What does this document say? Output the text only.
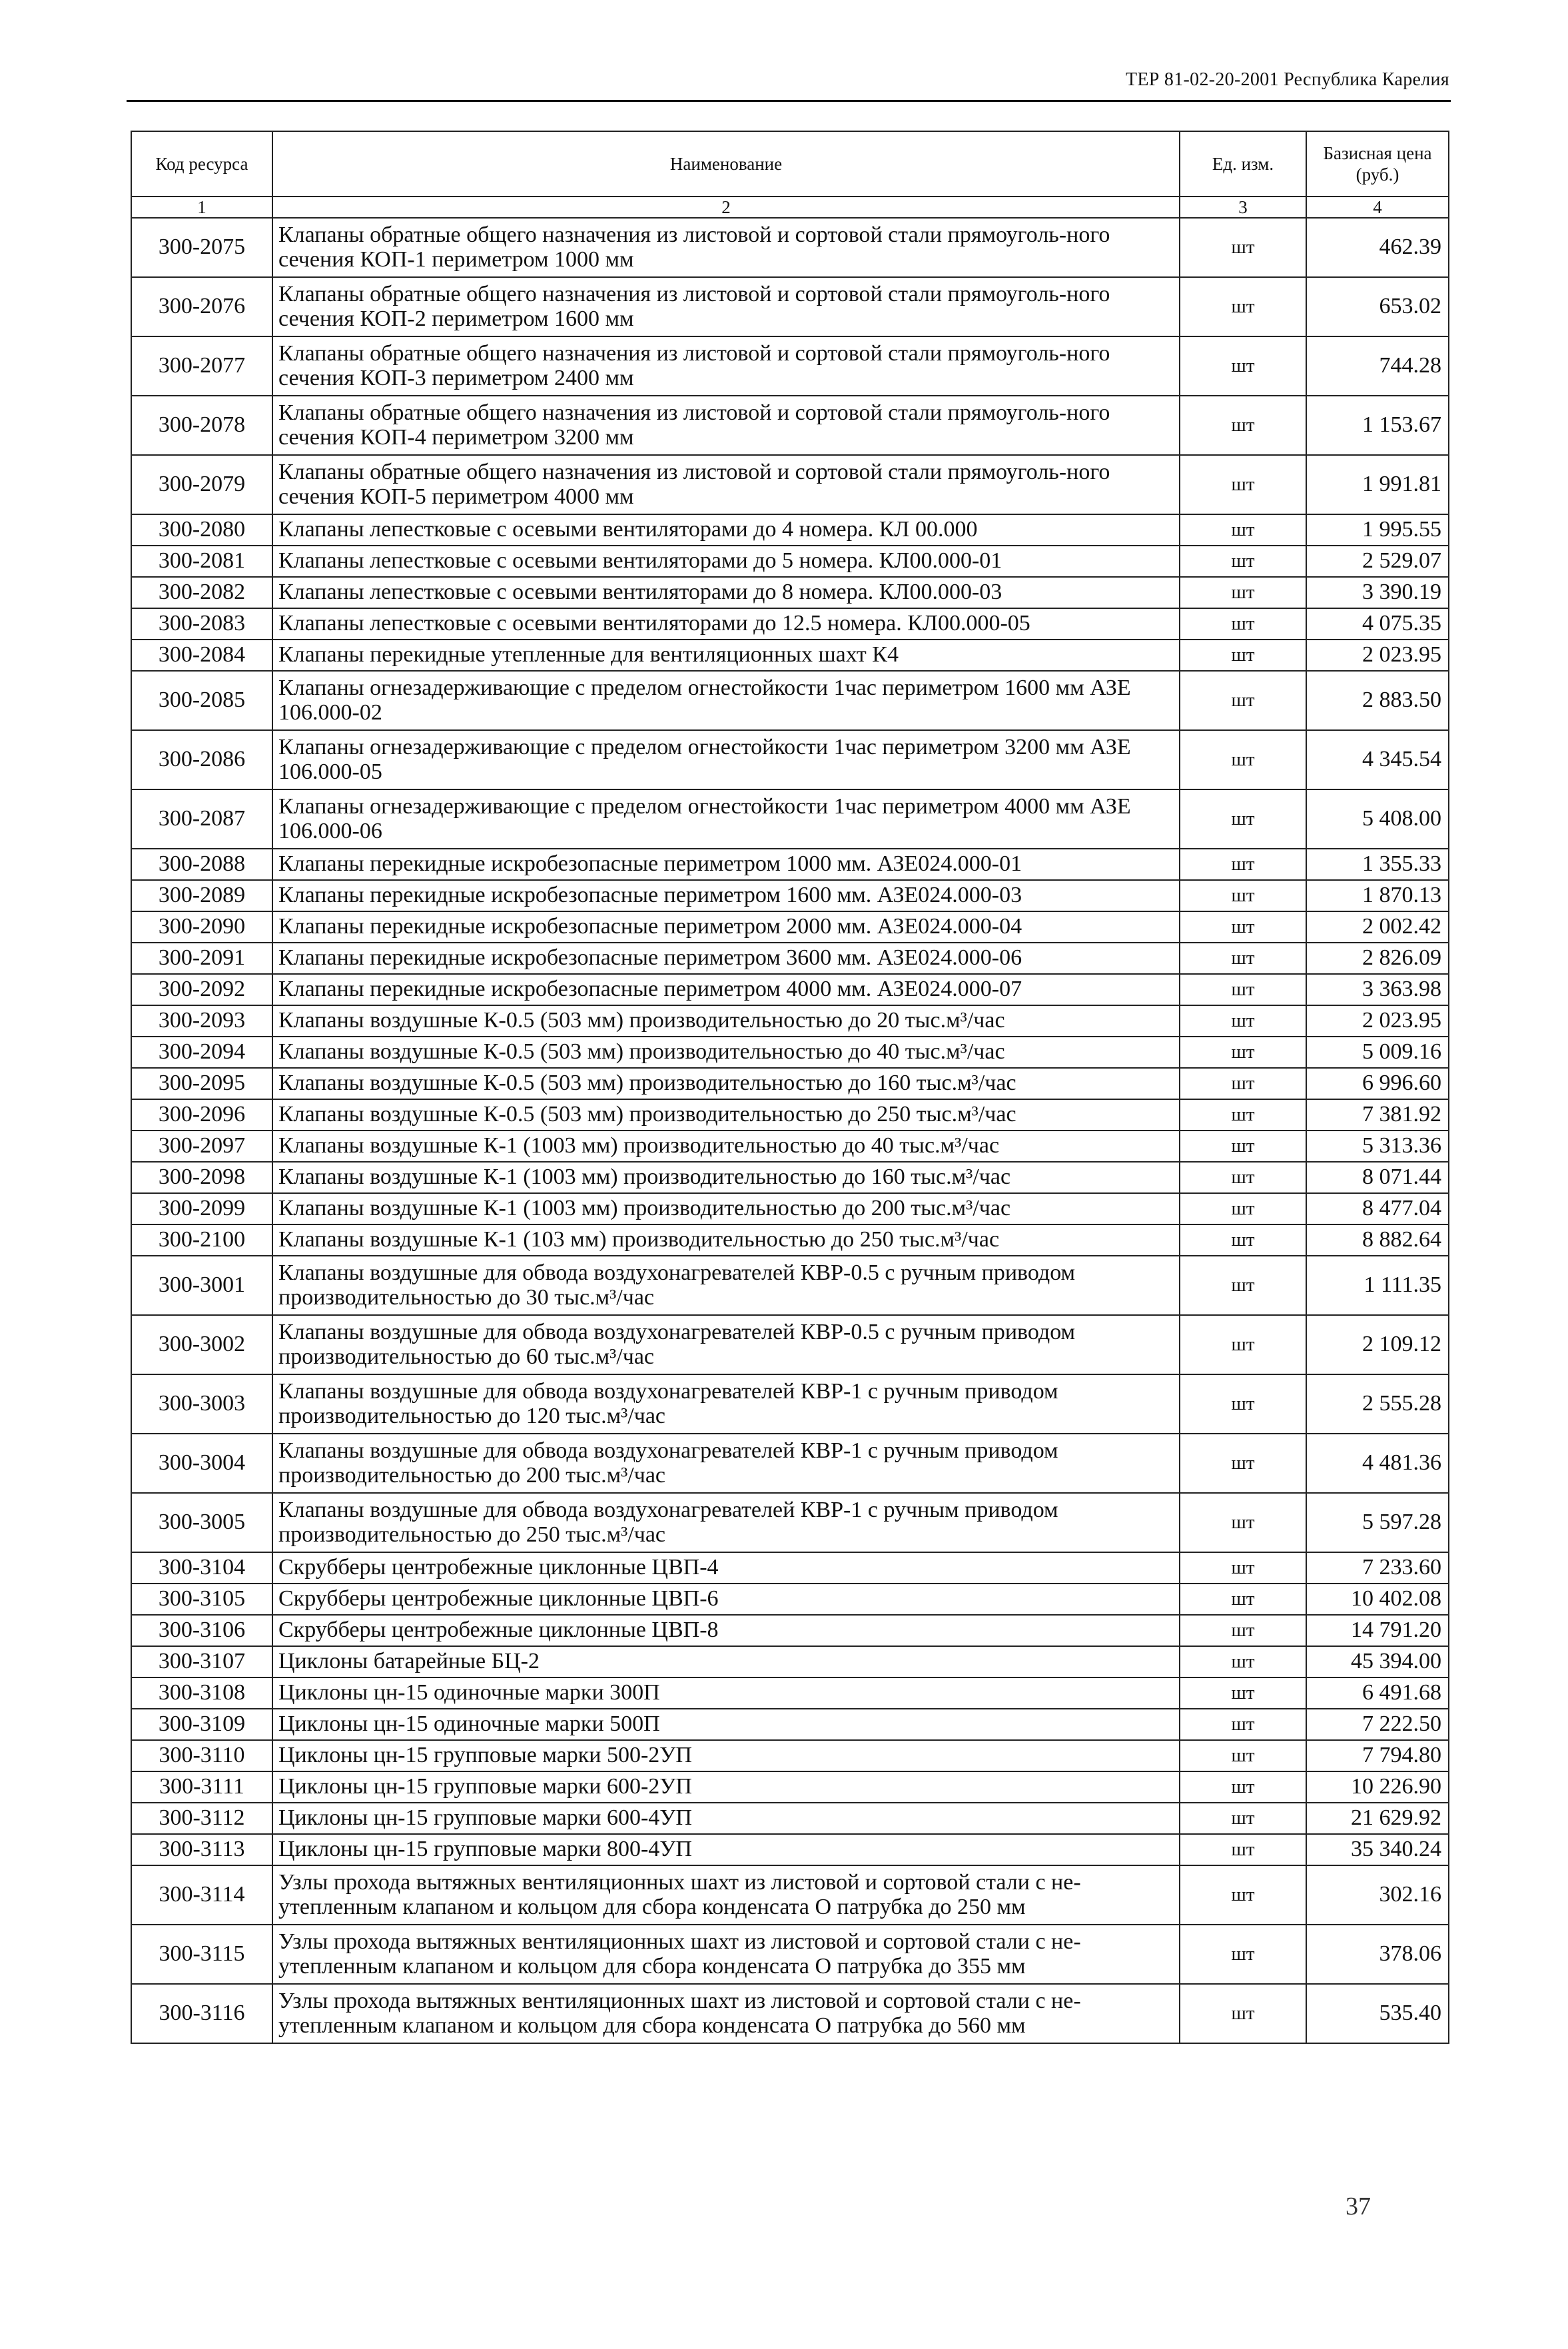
ТЕР 81-02-20-2001 Республика Карелия
Код ресурса	Наименование	Ед. изм.	Базисная цена (руб.)
1	2	3	4
300-2075	Клапаны обратные общего назначения из листовой и сортовой стали прямоуголь-ного сечения КОП-1 периметром 1000 мм	шт	462.39
300-2076	Клапаны обратные общего назначения из листовой и сортовой стали прямоуголь-ного сечения КОП-2 периметром 1600 мм	шт	653.02
300-2077	Клапаны обратные общего назначения из листовой и сортовой стали прямоуголь-ного сечения КОП-3 периметром 2400 мм	шт	744.28
300-2078	Клапаны обратные общего назначения из листовой и сортовой стали прямоуголь-ного сечения КОП-4 периметром 3200 мм	шт	1 153.67
300-2079	Клапаны обратные общего назначения из листовой и сортовой стали прямоуголь-ного сечения КОП-5 периметром 4000 мм	шт	1 991.81
300-2080	Клапаны лепестковые с осевыми вентиляторами до 4 номера. КЛ 00.000	шт	1 995.55
300-2081	Клапаны лепестковые с осевыми вентиляторами до 5 номера. КЛ00.000-01	шт	2 529.07
300-2082	Клапаны лепестковые с осевыми вентиляторами до 8 номера. КЛ00.000-03	шт	3 390.19
300-2083	Клапаны лепестковые с осевыми вентиляторами до 12.5 номера. КЛ00.000-05	шт	4 075.35
300-2084	Клапаны перекидные утепленные для вентиляционных шахт К4	шт	2 023.95
300-2085	Клапаны огнезадерживающие с пределом огнестойкости 1час периметром 1600 мм АЗЕ 106.000-02	шт	2 883.50
300-2086	Клапаны огнезадерживающие с пределом огнестойкости 1час периметром 3200 мм АЗЕ 106.000-05	шт	4 345.54
300-2087	Клапаны огнезадерживающие с пределом огнестойкости 1час периметром 4000 мм АЗЕ 106.000-06	шт	5 408.00
300-2088	Клапаны перекидные искробезопасные периметром 1000 мм. АЗЕ024.000-01	шт	1 355.33
300-2089	Клапаны перекидные искробезопасные периметром 1600 мм. АЗЕ024.000-03	шт	1 870.13
300-2090	Клапаны перекидные искробезопасные периметром 2000 мм. АЗЕ024.000-04	шт	2 002.42
300-2091	Клапаны перекидные искробезопасные периметром 3600 мм. АЗЕ024.000-06	шт	2 826.09
300-2092	Клапаны перекидные искробезопасные периметром 4000 мм. АЗЕ024.000-07	шт	3 363.98
300-2093	Клапаны воздушные К-0.5 (503 мм) производительностью до 20 тыс.м³/час	шт	2 023.95
300-2094	Клапаны воздушные К-0.5 (503 мм) производительностью до 40 тыс.м³/час	шт	5 009.16
300-2095	Клапаны воздушные К-0.5 (503 мм) производительностью до 160 тыс.м³/час	шт	6 996.60
300-2096	Клапаны воздушные К-0.5 (503 мм) производительностью до 250 тыс.м³/час	шт	7 381.92
300-2097	Клапаны воздушные К-1 (1003 мм) производительностью до 40 тыс.м³/час	шт	5 313.36
300-2098	Клапаны воздушные К-1 (1003 мм) производительностью до 160 тыс.м³/час	шт	8 071.44
300-2099	Клапаны воздушные К-1 (1003 мм) производительностью до 200 тыс.м³/час	шт	8 477.04
300-2100	Клапаны воздушные К-1 (103 мм) производительностью до 250 тыс.м³/час	шт	8 882.64
300-3001	Клапаны воздушные для обвода воздухонагревателей КВР-0.5 с ручным приводом производительностью до 30 тыс.м³/час	шт	1 111.35
300-3002	Клапаны воздушные для обвода воздухонагревателей КВР-0.5 с ручным приводом производительностью до 60 тыс.м³/час	шт	2 109.12
300-3003	Клапаны воздушные для обвода воздухонагревателей КВР-1 с ручным приводом производительностью до 120 тыс.м³/час	шт	2 555.28
300-3004	Клапаны воздушные для обвода воздухонагревателей КВР-1 с ручным приводом производительностью до 200 тыс.м³/час	шт	4 481.36
300-3005	Клапаны воздушные для обвода воздухонагревателей КВР-1 с ручным приводом производительностью до 250 тыс.м³/час	шт	5 597.28
300-3104	Скрубберы центробежные циклонные ЦВП-4	шт	7 233.60
300-3105	Скрубберы центробежные циклонные ЦВП-6	шт	10 402.08
300-3106	Скрубберы центробежные циклонные ЦВП-8	шт	14 791.20
300-3107	Циклоны батарейные БЦ-2	шт	45 394.00
300-3108	Циклоны цн-15 одиночные марки 300П	шт	6 491.68
300-3109	Циклоны цн-15 одиночные марки 500П	шт	7 222.50
300-3110	Циклоны цн-15 групповые марки 500-2УП	шт	7 794.80
300-3111	Циклоны цн-15 групповые марки 600-2УП	шт	10 226.90
300-3112	Циклоны цн-15 групповые марки 600-4УП	шт	21 629.92
300-3113	Циклоны цн-15 групповые марки 800-4УП	шт	35 340.24
300-3114	Узлы прохода вытяжных вентиляционных шахт из листовой и сортовой стали с не-утепленным клапаном и кольцом для сбора конденсата О патрубка до 250 мм	шт	302.16
300-3115	Узлы прохода вытяжных вентиляционных шахт из листовой и сортовой стали с не-утепленным клапаном и кольцом для сбора конденсата О патрубка до 355 мм	шт	378.06
300-3116	Узлы прохода вытяжных вентиляционных шахт из листовой и сортовой стали с не-утепленным клапаном и кольцом для сбора конденсата О патрубка до 560 мм	шт	535.40
37
